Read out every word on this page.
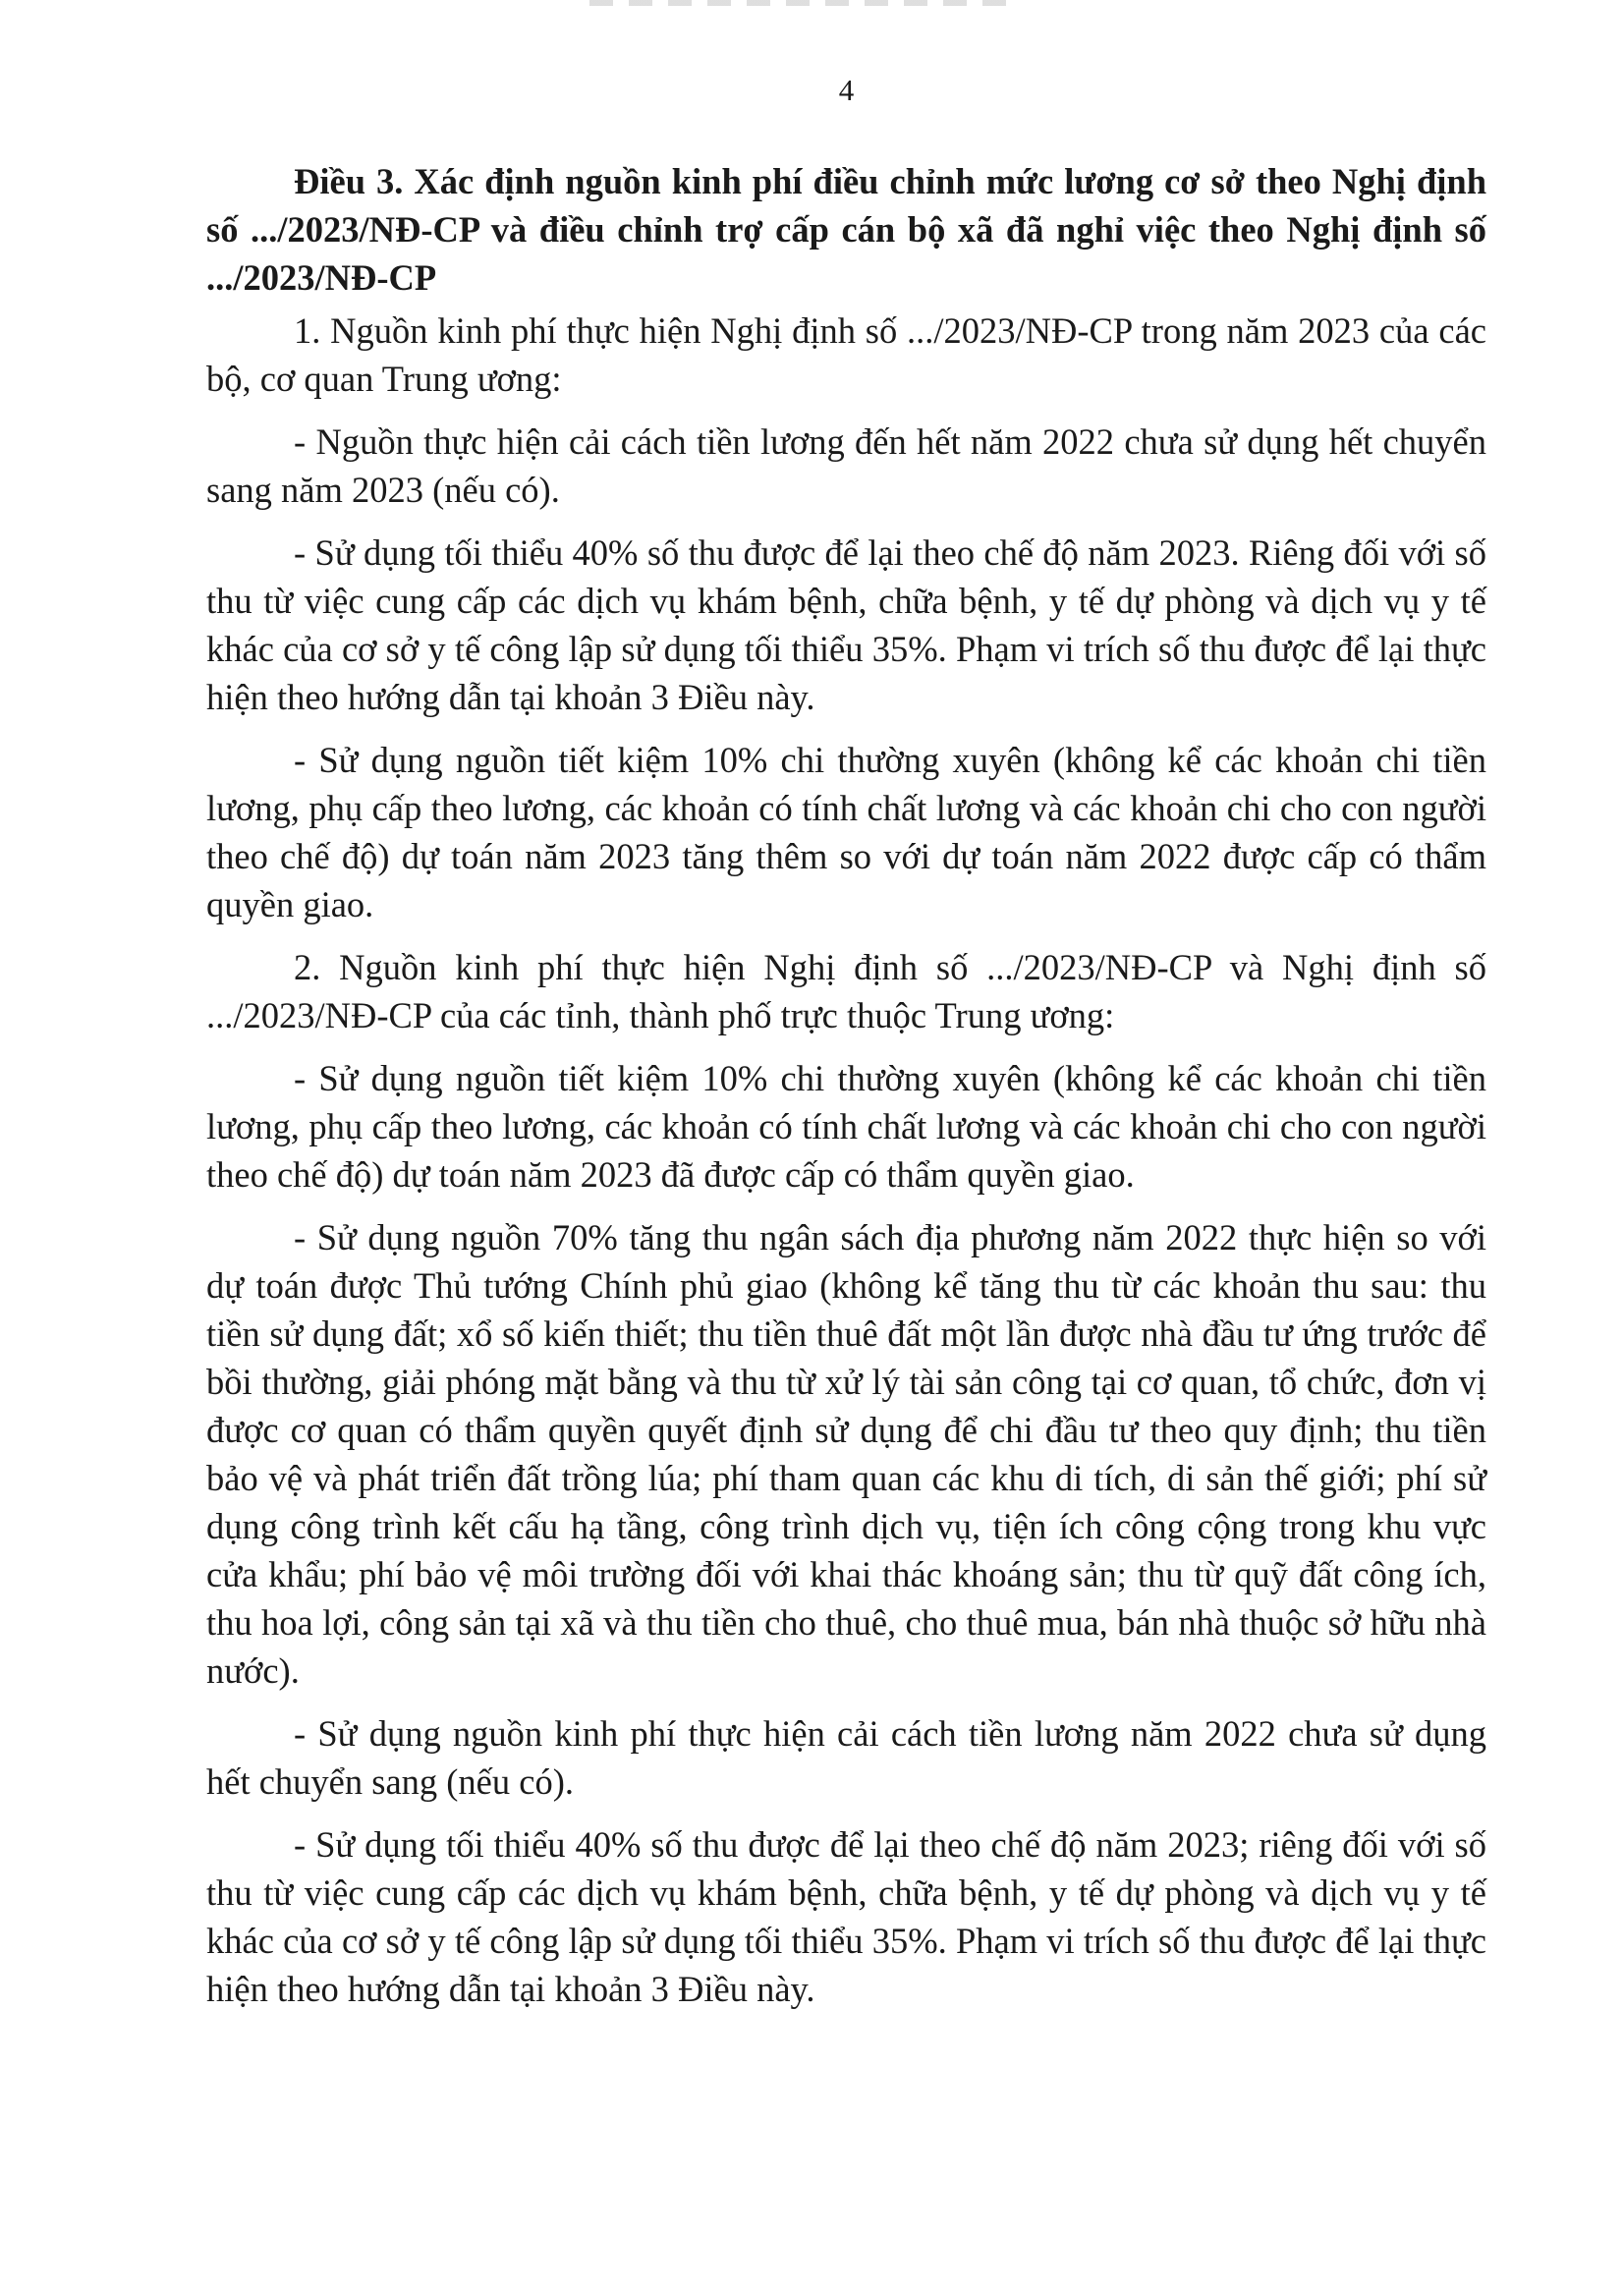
4

Điều 3. Xác định nguồn kinh phí điều chỉnh mức lương cơ sở theo Nghị định số .../2023/NĐ-CP và điều chỉnh trợ cấp cán bộ xã đã nghỉ việc theo Nghị định số .../2023/NĐ-CP

1. Nguồn kinh phí thực hiện Nghị định số .../2023/NĐ-CP trong năm 2023 của các bộ, cơ quan Trung ương:

- Nguồn thực hiện cải cách tiền lương đến hết năm 2022 chưa sử dụng hết chuyển sang năm 2023 (nếu có).

- Sử dụng tối thiểu 40% số thu được để lại theo chế độ năm 2023. Riêng đối với số thu từ việc cung cấp các dịch vụ khám bệnh, chữa bệnh, y tế dự phòng và dịch vụ y tế khác của cơ sở y tế công lập sử dụng tối thiểu 35%. Phạm vi trích số thu được để lại thực hiện theo hướng dẫn tại khoản 3 Điều này.

- Sử dụng nguồn tiết kiệm 10% chi thường xuyên (không kể các khoản chi tiền lương, phụ cấp theo lương, các khoản có tính chất lương và các khoản chi cho con người theo chế độ) dự toán năm 2023 tăng thêm so với dự toán năm 2022 được cấp có thẩm quyền giao.

2. Nguồn kinh phí thực hiện Nghị định số .../2023/NĐ-CP và Nghị định số .../2023/NĐ-CP của các tỉnh, thành phố trực thuộc Trung ương:

- Sử dụng nguồn tiết kiệm 10% chi thường xuyên (không kể các khoản chi tiền lương, phụ cấp theo lương, các khoản có tính chất lương và các khoản chi cho con người theo chế độ) dự toán năm 2023 đã được cấp có thẩm quyền giao.

- Sử dụng nguồn 70% tăng thu ngân sách địa phương năm 2022 thực hiện so với dự toán được Thủ tướng Chính phủ giao (không kể tăng thu từ các khoản thu sau: thu tiền sử dụng đất; xổ số kiến thiết; thu tiền thuê đất một lần được nhà đầu tư ứng trước để bồi thường, giải phóng mặt bằng và thu từ xử lý tài sản công tại cơ quan, tổ chức, đơn vị được cơ quan có thẩm quyền quyết định sử dụng để chi đầu tư theo quy định; thu tiền bảo vệ và phát triển đất trồng lúa; phí tham quan các khu di tích, di sản thế giới; phí sử dụng công trình kết cấu hạ tầng, công trình dịch vụ, tiện ích công cộng trong khu vực cửa khẩu; phí bảo vệ môi trường đối với khai thác khoáng sản; thu từ quỹ đất công ích, thu hoa lợi, công sản tại xã và thu tiền cho thuê, cho thuê mua, bán nhà thuộc sở hữu nhà nước).

- Sử dụng nguồn kinh phí thực hiện cải cách tiền lương năm 2022 chưa sử dụng hết chuyển sang (nếu có).

- Sử dụng tối thiểu 40% số thu được để lại theo chế độ năm 2023; riêng đối với số thu từ việc cung cấp các dịch vụ khám bệnh, chữa bệnh, y tế dự phòng và dịch vụ y tế khác của cơ sở y tế công lập sử dụng tối thiểu 35%. Phạm vi trích số thu được để lại thực hiện theo hướng dẫn tại khoản 3 Điều này.
